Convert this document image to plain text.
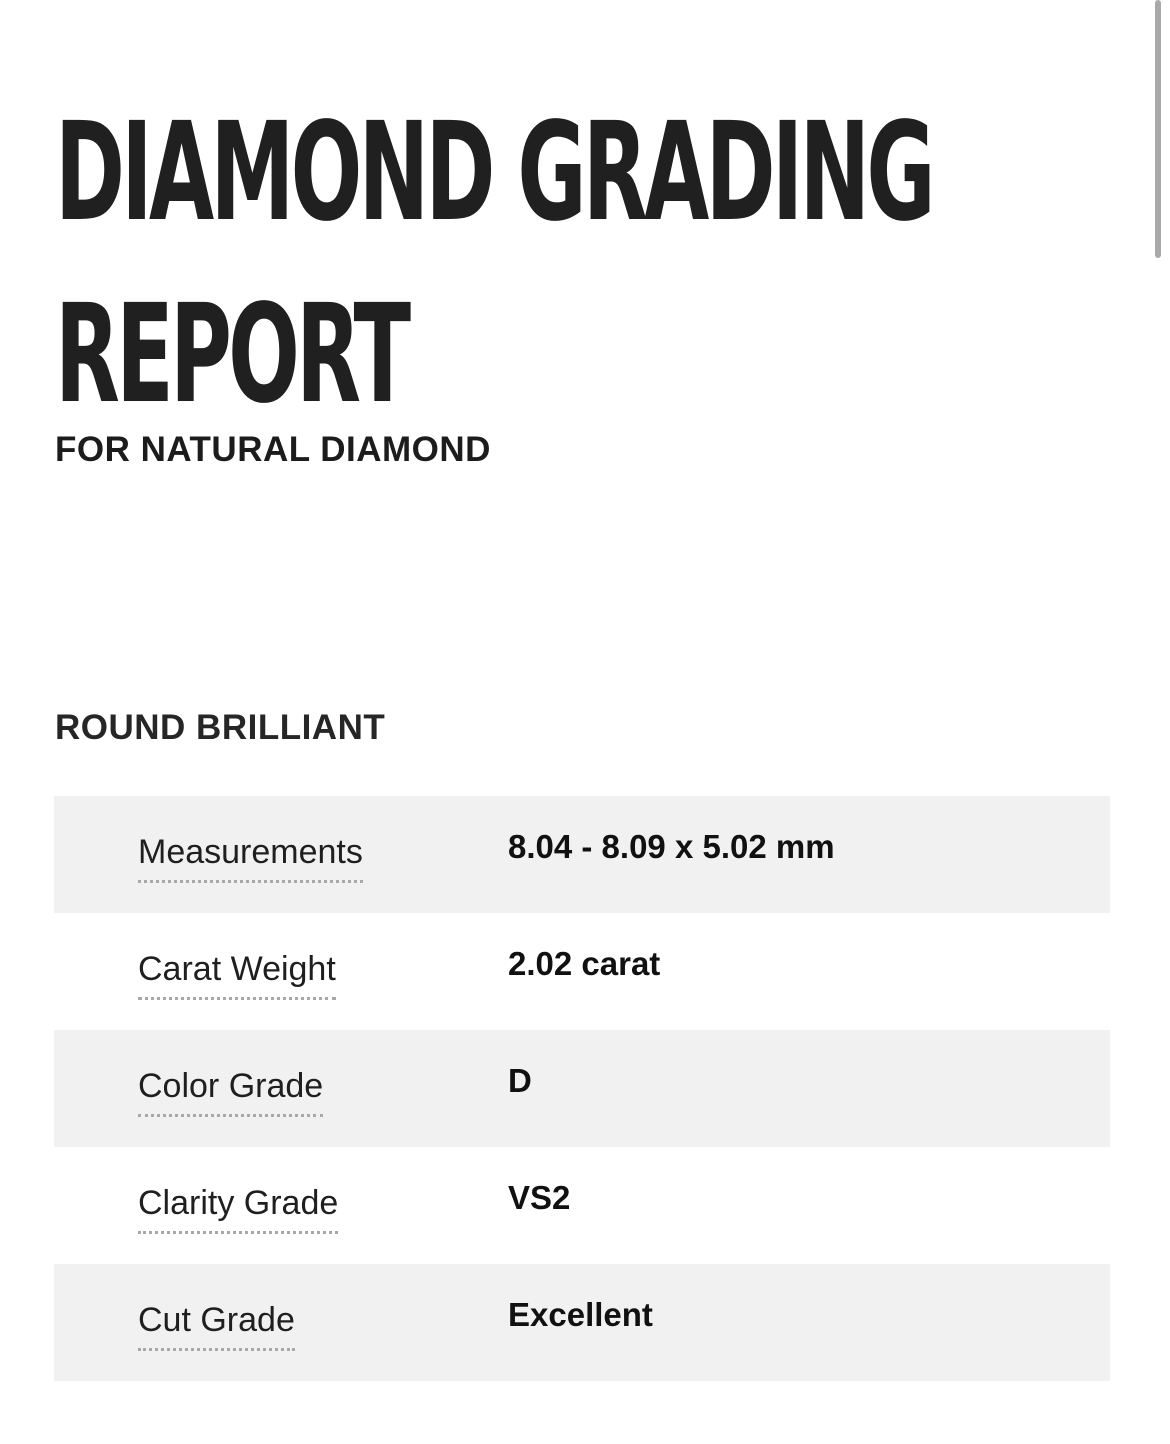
DIAMOND GRADING
REPORT
FOR NATURAL DIAMOND
ROUND BRILLIANT
Measurements	8.04 - 8.09 x 5.02 mm
Carat Weight	2.02 carat
Color Grade	D
Clarity Grade	VS2
Cut Grade	Excellent
